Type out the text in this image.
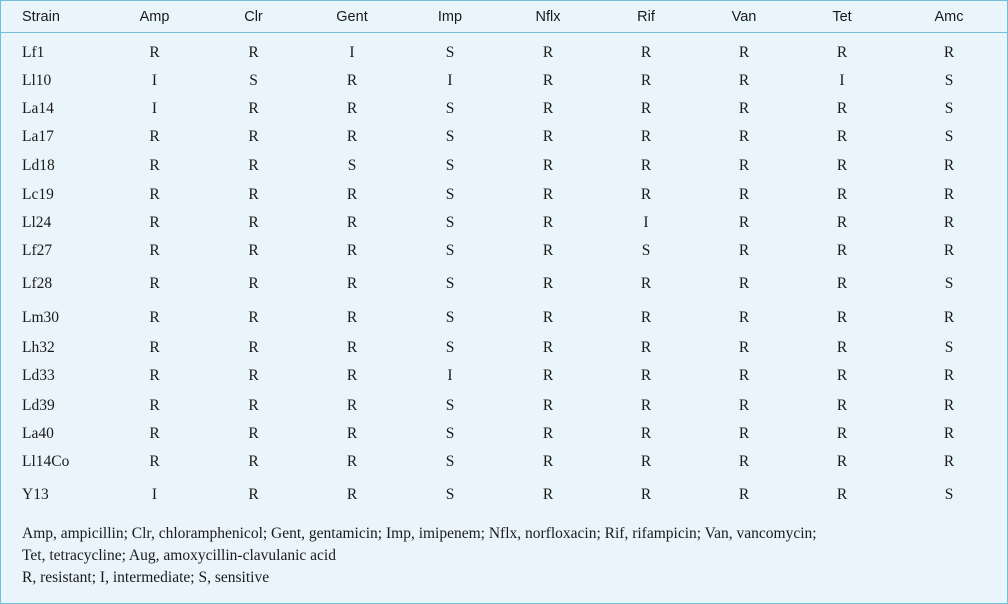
Strain	Amp	Clr	Gent	Imp	Nflx	Rif	Van	Tet	Amc

Lf1	R	R	I	S	R	R	R	R	R
Ll10	I	S	R	I	R	R	R	I	S
La14	I	R	R	S	R	R	R	R	S
La17	R	R	R	S	R	R	R	R	S
Ld18	R	R	S	S	R	R	R	R	R
Lc19	R	R	R	S	R	R	R	R	R
Ll24	R	R	R	S	R	I	R	R	R
Lf27	R	R	R	S	R	S	R	R	R
Lf28	R	R	R	S	R	R	R	R	S
Lm30	R	R	R	S	R	R	R	R	R
Lh32	R	R	R	S	R	R	R	R	S
Ld33	R	R	R	I	R	R	R	R	R
Ld39	R	R	R	S	R	R	R	R	R
La40	R	R	R	S	R	R	R	R	R
Ll14Co	R	R	R	S	R	R	R	R	R
Y13	I	R	R	S	R	R	R	R	S
Amp, ampicillin; Clr, chloramphenicol; Gent, gentamicin; Imp, imipenem; Nflx, norfloxacin; Rif, rifampicin; Van, vancomycin;
Tet, tetracycline; Aug, amoxycillin-clavulanic acid
R, resistant; I, intermediate; S, sensitive
